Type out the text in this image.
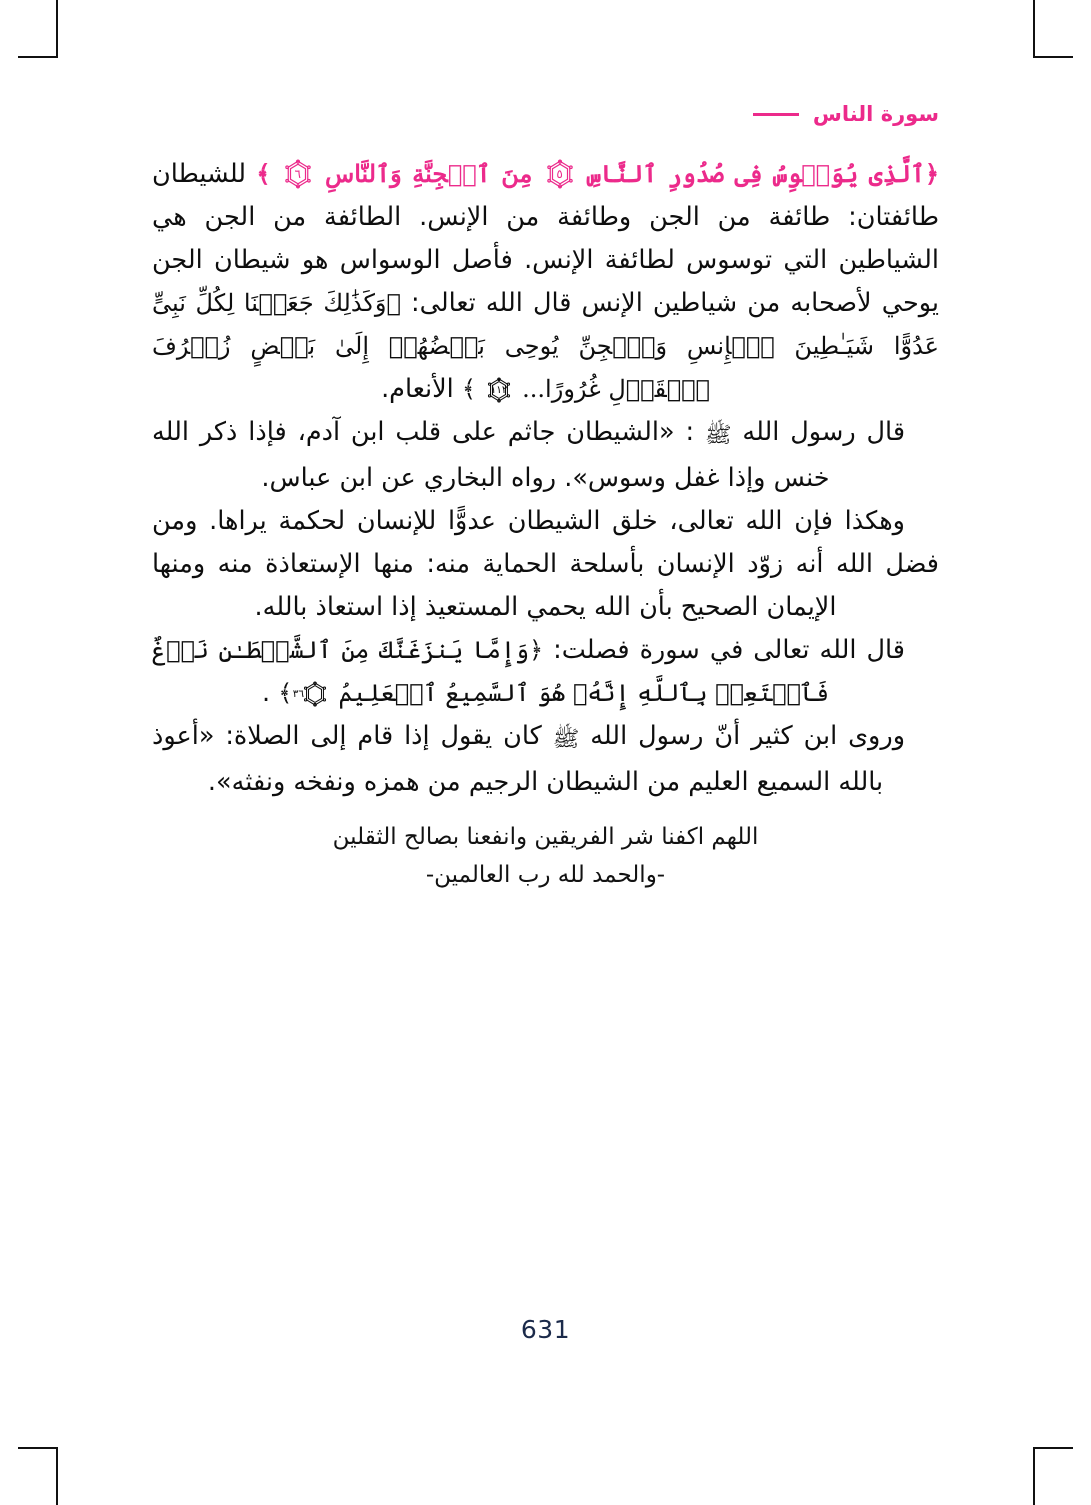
سورة الناس

﴿ٱلَّذِى يُوَسۡوِسُ فِى صُدُورِ ٱلنَّاسِ
٥
مِنَ ٱلۡجِنَّةِ وَٱلنَّاسِ
٦
﴾ للشيطان طائفتان: طائفة من الجن وطائفة من الإنس. الطائفة من الجن هي الشياطين التي توسوس لطائفة الإنس. فأصل الوسواس هو شيطان الجن يوحي لأصحابه من شياطين الإنس قال الله تعالى: ﴿وَكَذَٰلِكَ جَعَلۡنَا لِكُلِّ نَبِىٍّ عَدُوًّا شَيَـٰطِينَ ٱلۡإِنسِ وَٱلۡجِنِّ يُوحِى بَعۡضُهُمۡ إِلَىٰ بَعۡضٍ زُخۡرُفَ ٱلۡقَوۡلِ غُرُورًا...
١١٢
﴾ الأنعام.

قال رسول الله ﷺ : «الشيطان جاثم على قلب ابن آدم، فإذا ذكر الله خنس وإذا غفل وسوس». رواه البخاري عن ابن عباس.

وهكذا فإن الله تعالى، خلق الشيطان عدوًّا للإنسان لحكمة يراها. ومن فضل الله أنه زوّد الإنسان بأسلحة الحماية منه: منها الإستعاذة منه ومنها الإيمان الصحيح بأن الله يحمي المستعيذ إذا استعاذ بالله.

قال الله تعالى في سورة فصلت: ﴿وَإِمَّا يَنزَغَنَّكَ مِنَ ٱلشَّيۡطَـٰنِ نَزۡغٌ فَٱسۡتَعِذۡ بِٱللَّهِ إِنَّهُۥ هُوَ ٱلسَّمِيعُ ٱلۡعَلِيمُ
٣٦
﴾ .

وروى ابن كثير أنّ رسول الله ﷺ كان يقول إذا قام إلى الصلاة: «أعوذ بالله السميع العليم من الشيطان الرجيم من همزه ونفخه ونفثه».

اللهم اكفنا شر الفريقين وانفعنا بصالح الثقلين

-والحمد لله رب العالمين-

631
